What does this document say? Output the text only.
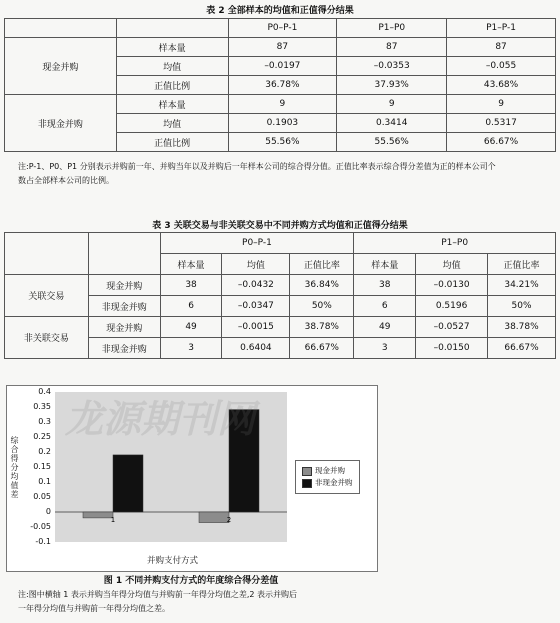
表 2 全部样本的均值和正值得分结果
		P0–P-1	P1–P0	P1–P-1
现金并购	样本量	87	87	87
	均值	–0.0197	–0.0353	–0.055
	正值比例	36.78%	37.93%	43.68%
非现金并购	样本量	9	9	9
	均值	0.1903	0.3414	0.5317
	正值比例	55.56%	55.56%	66.67%
注:P-1、P0、P1 分别表示并购前一年、并购当年以及并购后一年样本公司的综合得分值。正值比率表示综合得分差值为正的样本公司个
数占全部样本公司的比例。
表 3 关联交易与非关联交易中不同并购方式均值和正值得分结果
		P0–P-1			P1–P0		
		样本量	均值	正值比率	样本量	均值	正值比率
关联交易	现金并购	38	–0.0432	36.84%	38	–0.0130	34.21%
	非现金并购	6	–0.0347	50%	6	0.5196	50%
非关联交易	现金并购	49	–0.0015	38.78%	49	–0.0527	38.78%
	非现金并购	3	0.6404	66.67%	3	–0.0150	66.67%
1	2
综合得分均值差
0.4
0.35
0.3
0.25
0.2
0.15
0.1
0.05
0
-0.05
-0.1
并购支付方式
现金并购
非现金并购
龙源期刊网
图 1 不同并购支付方式的年度综合得分差值
注:图中横轴 1 表示并购当年得分均值与并购前一年得分均值之差,2 表示并购后
一年得分均值与并购前一年得分均值之差。
